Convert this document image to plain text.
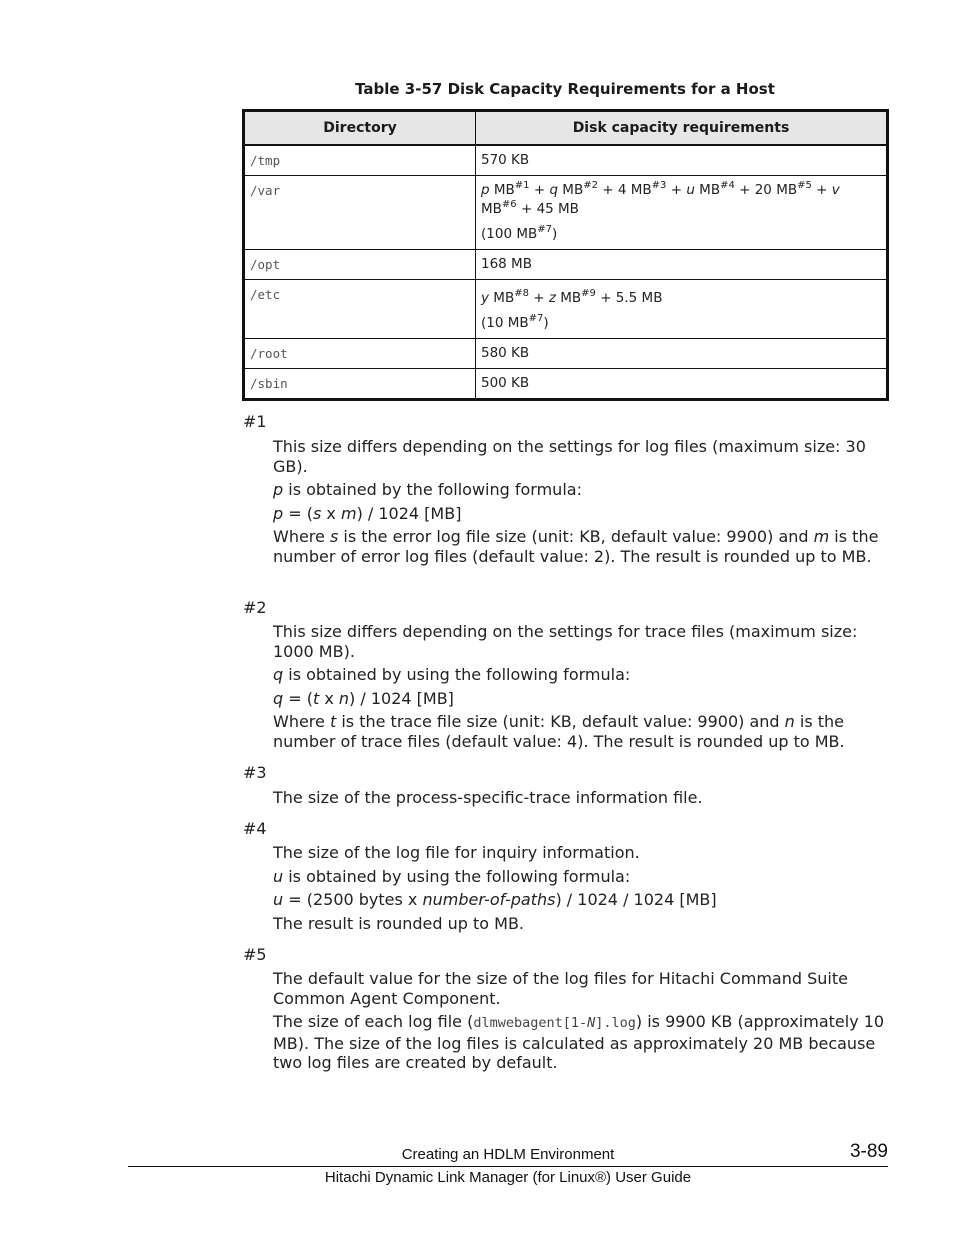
Table 3-57 Disk Capacity Requirements for a Host
Directory	Disk capacity requirements
/tmp	570 KB
/var	p $MB^{\#1} + q$ $MB^{\#2} + 4$ $MB^{\#3} + u$ $MB^{\#4} + 20$ $MB^{\#5} + v$
$MB^{\#6} + 45$ MB

(100 MB$^{\#7}$)

/opt	168 MB
/etc	y $MB^{\#8} + z$ $MB^{\#9} + 5.5$ MB

(10 MB$^{\#7}$)

/root	580 KB
/sbin	500 KB
#1

This size differs depending on the settings for log files (maximum size: 30 GB).

p is obtained by the following formula:

p = (s x m) / 1024 [MB]

Where s is the error log file size (unit: KB, default value: 9900) and m is the number of error log files (default value: 2). The result is rounded up to MB.

#2

This size differs depending on the settings for trace files (maximum size: 1000 MB).

q is obtained by using the following formula:

q = (t x n) / 1024 [MB]

Where t is the trace file size (unit: KB, default value: 9900) and n is the number of trace files (default value: 4). The result is rounded up to MB.

#3

The size of the process-specific-trace information file.

#4

The size of the log file for inquiry information.

u is obtained by using the following formula:

u = (2500 bytes x number-of-paths) / 1024 / 1024 [MB]

The result is rounded up to MB.

#5

The default value for the size of the log files for Hitachi Command Suite Common Agent Component.

The size of each log file (dlmwebagent[1-N].log) is 9900 KB (approximately 10 MB). The size of the log files is calculated as approximately 20 MB because two log files are created by default.

Creating an HDLM Environment	3-89
Hitachi Dynamic Link Manager (for Linux®) User Guide
